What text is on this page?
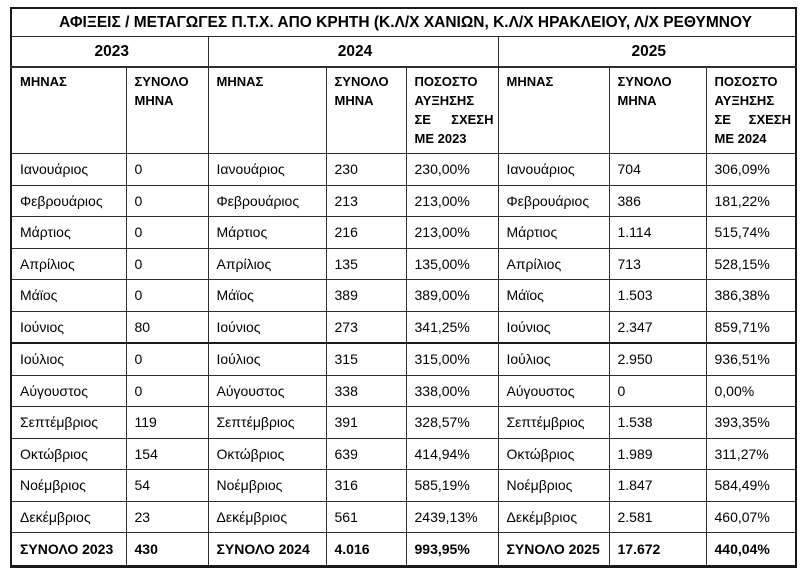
ΑΦΙΞΕΙΣ / ΜΕΤΑΓΩΓΕΣ Π.Τ.Χ. ΑΠΟ ΚΡΗΤΗ (Κ.Λ/Χ ΧΑΝΙΩΝ, Κ.Λ/Χ ΗΡΑΚΛΕΙΟΥ, Λ/Χ ΡΕΘΥΜΝΟΥ							
2023		2024			2025		
ΜΗΝΑΣ	ΣΥΝΟΛΟ ΜΗΝΑ	ΜΗΝΑΣ	ΣΥΝΟΛΟ ΜΗΝΑ	ΠΟΣΟΣΤΟ ΑΥΞΗΣΗΣ ΣΕ ΣΧΕΣΗ ΜΕ 2023	ΜΗΝΑΣ	ΣΥΝΟΛΟ ΜΗΝΑ	ΠΟΣΟΣΤΟ ΑΥΞΗΣΗΣ ΣΕ ΣΧΕΣΗ ΜΕ 2024
Ιανουάριος	0	Ιανουάριος	230	230,00%	Ιανουάριος	704	306,09%
Φεβρουάριος	0	Φεβρουάριος	213	213,00%	Φεβρουάριος	386	181,22%
Μάρτιος	0	Μάρτιος	216	213,00%	Μάρτιος	1.114	515,74%
Απρίλιος	0	Απρίλιος	135	135,00%	Απρίλιος	713	528,15%
Μάϊος	0	Μάϊος	389	389,00%	Μάϊος	1.503	386,38%
Ιούνιος	80	Ιούνιος	273	341,25%	Ιούνιος	2.347	859,71%
Ιούλιος	0	Ιούλιος	315	315,00%	Ιούλιος	2.950	936,51%
Αύγουστος	0	Αύγουστος	338	338,00%	Αύγουστος	0	0,00%
Σεπτέμβριος	119	Σεπτέμβριος	391	328,57%	Σεπτέμβριος	1.538	393,35%
Οκτώβριος	154	Οκτώβριος	639	414,94%	Οκτώβριος	1.989	311,27%
Νοέμβριος	54	Νοέμβριος	316	585,19%	Νοέμβριος	1.847	584,49%
Δεκέμβριος	23	Δεκέμβριος	561	2439,13%	Δεκέμβριος	2.581	460,07%
ΣΥΝΟΛΟ 2023	430	ΣΥΝΟΛΟ 2024	4.016	993,95%	ΣΥΝΟΛΟ 2025	17.672	440,04%
